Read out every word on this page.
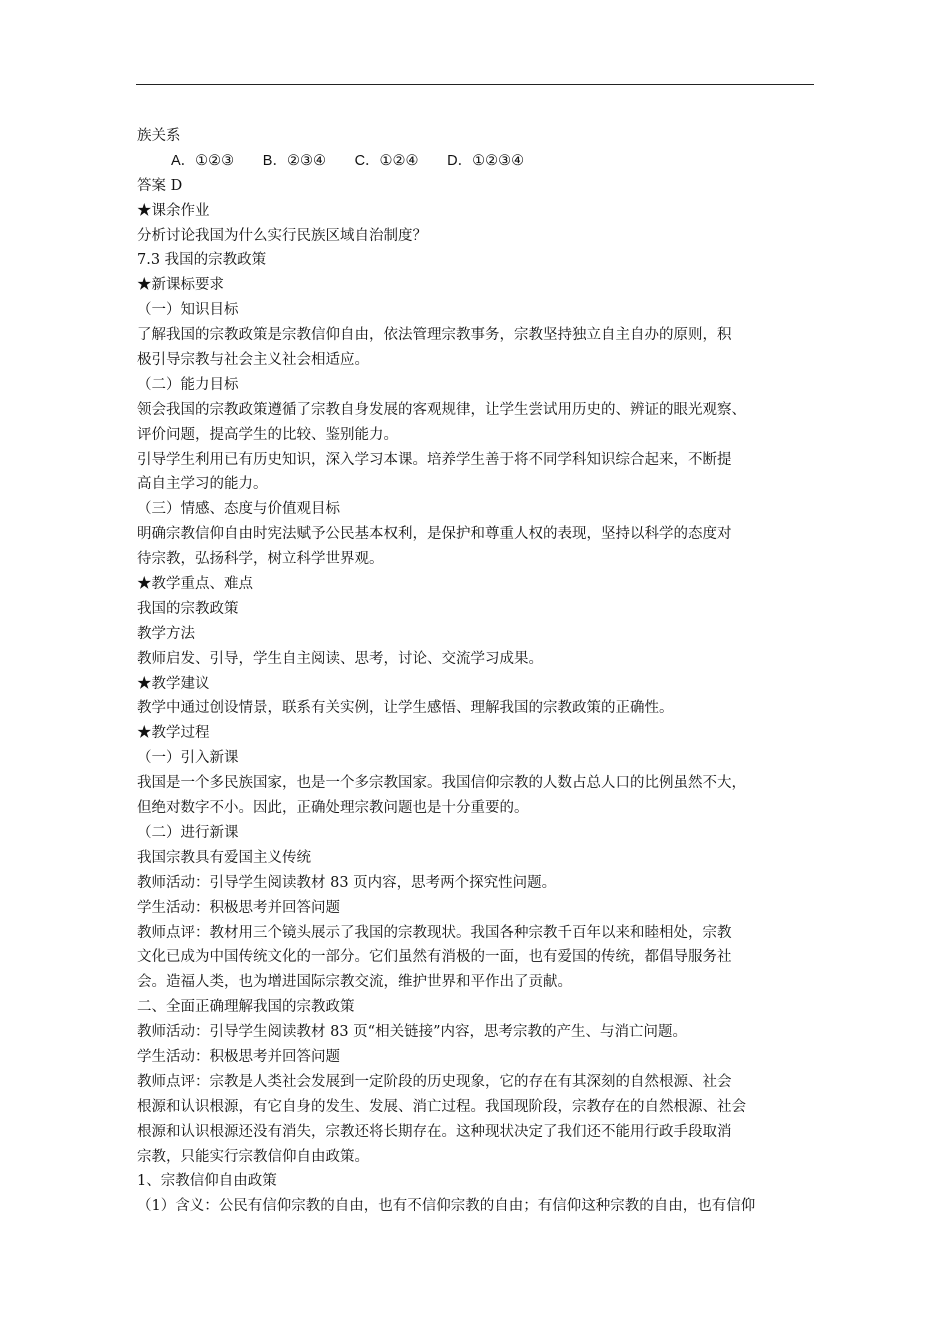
族关系
A．①②③ B．②③④ C．①②④ D．①②③④
答案 D
★课余作业
分析讨论我国为什么实行民族区域自治制度？
7.3 我国的宗教政策
★新课标要求
（一）知识目标
了解我国的宗教政策是宗教信仰自由，依法管理宗教事务，宗教坚持独立自主自办的原则，积
极引导宗教与社会主义社会相适应。
（二）能力目标
领会我国的宗教政策遵循了宗教自身发展的客观规律，让学生尝试用历史的、辨证的眼光观察、
评价问题，提高学生的比较、鉴别能力。
引导学生利用已有历史知识，深入学习本课。培养学生善于将不同学科知识综合起来，不断提
高自主学习的能力。
（三）情感、态度与价值观目标
明确宗教信仰自由时宪法赋予公民基本权利，是保护和尊重人权的表现，坚持以科学的态度对
待宗教，弘扬科学，树立科学世界观。
★教学重点、难点
我国的宗教政策
教学方法
教师启发、引导，学生自主阅读、思考，讨论、交流学习成果。
★教学建议
教学中通过创设情景，联系有关实例，让学生感悟、理解我国的宗教政策的正确性。
★教学过程
（一）引入新课
我国是一个多民族国家，也是一个多宗教国家。我国信仰宗教的人数占总人口的比例虽然不大，
但绝对数字不小。因此，正确处理宗教问题也是十分重要的。
（二）进行新课
我国宗教具有爱国主义传统
教师活动：引导学生阅读教材 83 页内容，思考两个探究性问题。
学生活动：积极思考并回答问题
教师点评：教材用三个镜头展示了我国的宗教现状。我国各种宗教千百年以来和睦相处，宗教
文化已成为中国传统文化的一部分。它们虽然有消极的一面，也有爱国的传统，都倡导服务社
会。造福人类，也为增进国际宗教交流，维护世界和平作出了贡献。
二、全面正确理解我国的宗教政策
教师活动：引导学生阅读教材 83 页“相关链接”内容，思考宗教的产生、与消亡问题。
学生活动：积极思考并回答问题
教师点评：宗教是人类社会发展到一定阶段的历史现象，它的存在有其深刻的自然根源、社会
根源和认识根源，有它自身的发生、发展、消亡过程。我国现阶段，宗教存在的自然根源、社会
根源和认识根源还没有消失，宗教还将长期存在。这种现状决定了我们还不能用行政手段取消
宗教，只能实行宗教信仰自由政策。
1、宗教信仰自由政策
（1）含义：公民有信仰宗教的自由，也有不信仰宗教的自由；有信仰这种宗教的自由，也有信仰
